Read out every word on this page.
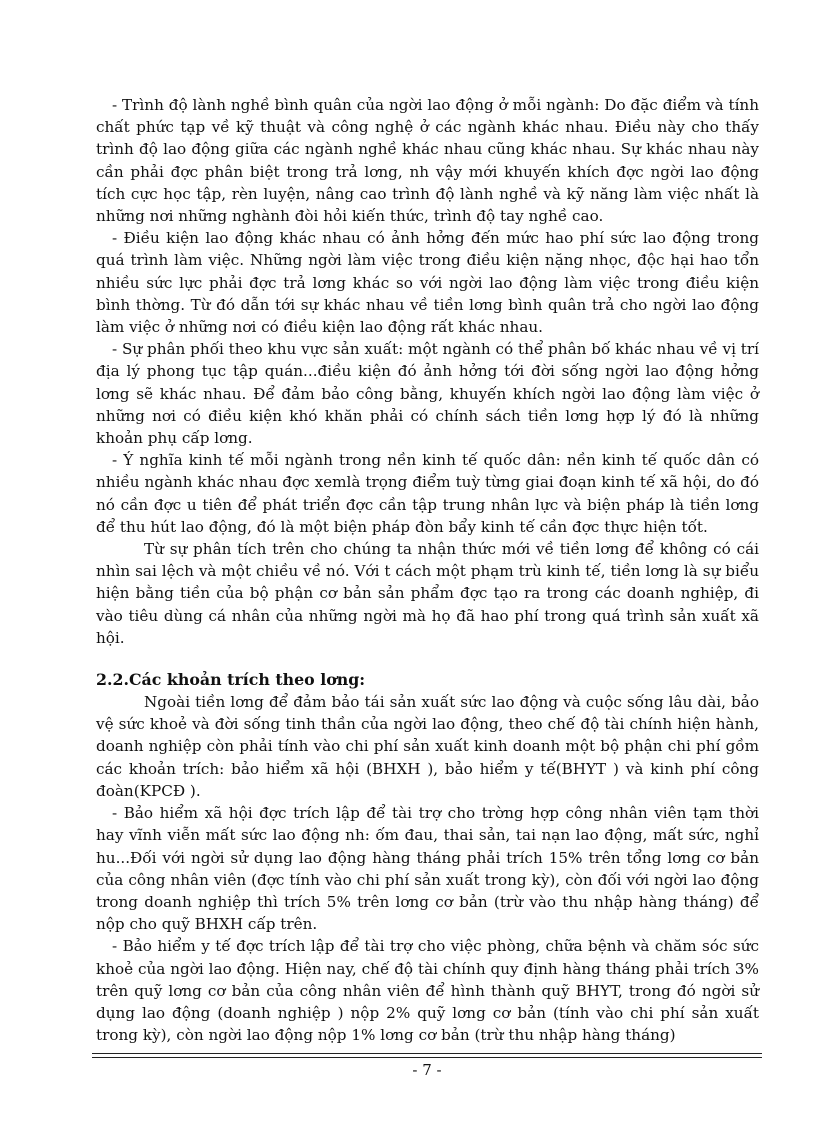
- Trình độ lành nghề bình quân của ngời lao động ở mỗi ngành: Do đặc điểm và tính chất phức tạp về kỹ thuật và công nghệ ở các ngành khác nhau. Điều này cho thấy trình độ lao động giữa các ngành nghề khác nhau cũng khác nhau. Sự khác nhau này cần phải đợc phân biệt trong trả lơng, nh vậy mới khuyến khích đợc ngời lao động tích cực học tập, rèn luyện, nâng cao trình độ lành nghề và kỹ năng làm việc nhất là những nơi những nghành đòi hỏi kiến thức, trình độ tay nghề cao.

- Điều kiện lao động khác nhau có ảnh hởng đến mức hao phí sức lao động trong quá trình làm việc. Những ngời làm việc trong điều kiện nặng nhọc, độc hại hao tổn nhiều sức lực phải đợc trả lơng khác so với ngời lao động làm việc trong điều kiện bình thờng. Từ đó dẫn tới sự khác nhau về tiền lơng bình quân trả cho ngời lao động làm việc ở những nơi có điều kiện lao động rất khác nhau.

- Sự phân phối theo khu vực sản xuất: một ngành có thể phân bố khác nhau về vị trí địa lý phong tục tập quán...điều kiện đó ảnh hởng tới đời sống ngời lao động hởng lơng sẽ khác nhau. Để đảm bảo công bằng, khuyến khích ngời lao động làm việc ở những nơi có điều kiện khó khăn phải có chính sách tiền lơng hợp lý đó là những khoản phụ cấp lơng.

- Ý nghĩa kinh tế mỗi ngành trong nền kinh tế quốc dân: nền kinh tế quốc dân có nhiều ngành khác nhau đợc xemlà trọng điểm tuỳ từng giai đoạn kinh tế xã hội, do đó nó cần đợc u tiên để phát triển đợc cần tập trung nhân lực và biện pháp là tiền lơng để thu hút lao động, đó là một biện pháp đòn bẩy kinh tế cần đợc thực hiện tốt.

Từ sự phân tích trên cho chúng ta nhận thức mới về tiền lơng để không có cái nhìn sai lệch và một chiều về nó. Với t cách một phạm trù kinh tế, tiền lơng là sự biểu hiện bằng tiền của bộ phận cơ bản sản phẩm đợc tạo ra trong các doanh nghiệp, đi vào tiêu dùng cá nhân của những ngời mà họ đã hao phí trong quá trình sản xuất xã hội.

2.2.Các khoản trích theo lơng:

Ngoài tiền lơng để đảm bảo tái sản xuất sức lao động và cuộc sống lâu dài, bảo vệ sức khoẻ và đời sống tinh thần của ngời lao động, theo chế độ tài chính hiện hành, doanh nghiệp còn phải tính vào chi phí sản xuất kinh doanh một bộ phận chi phí gồm các khoản trích: bảo hiểm xã hội (BHXH ), bảo hiểm y tế(BHYT ) và kinh phí công đoàn(KPCĐ ).

- Bảo hiểm xã hội đợc trích lập để tài trợ cho trờng hợp công nhân viên tạm thời hay vĩnh viễn mất sức lao động nh: ốm đau, thai sản, tai nạn lao động, mất sức, nghỉ hu...Đối với ngời sử dụng lao động hàng tháng phải trích 15% trên tổng lơng cơ bản của công nhân viên (đợc tính vào chi phí sản xuất trong kỳ), còn đối với ngời lao động trong doanh nghiệp thì trích 5% trên lơng cơ bản (trừ vào thu nhập hàng tháng) để nộp cho quỹ BHXH cấp trên.

- Bảo hiểm y tế đợc trích lập để tài trợ cho việc phòng, chữa bệnh và chăm sóc sức khoẻ của ngời lao động. Hiện nay, chế độ tài chính quy định hàng tháng phải trích 3% trên quỹ lơng cơ bản của công nhân viên để hình thành quỹ BHYT, trong đó ngời sử dụng lao động (doanh nghiệp ) nộp 2% quỹ lơng cơ bản (tính vào chi phí sản xuất trong kỳ), còn ngời lao động nộp 1% lơng cơ bản (trừ thu nhập hàng tháng)

- 7 -
